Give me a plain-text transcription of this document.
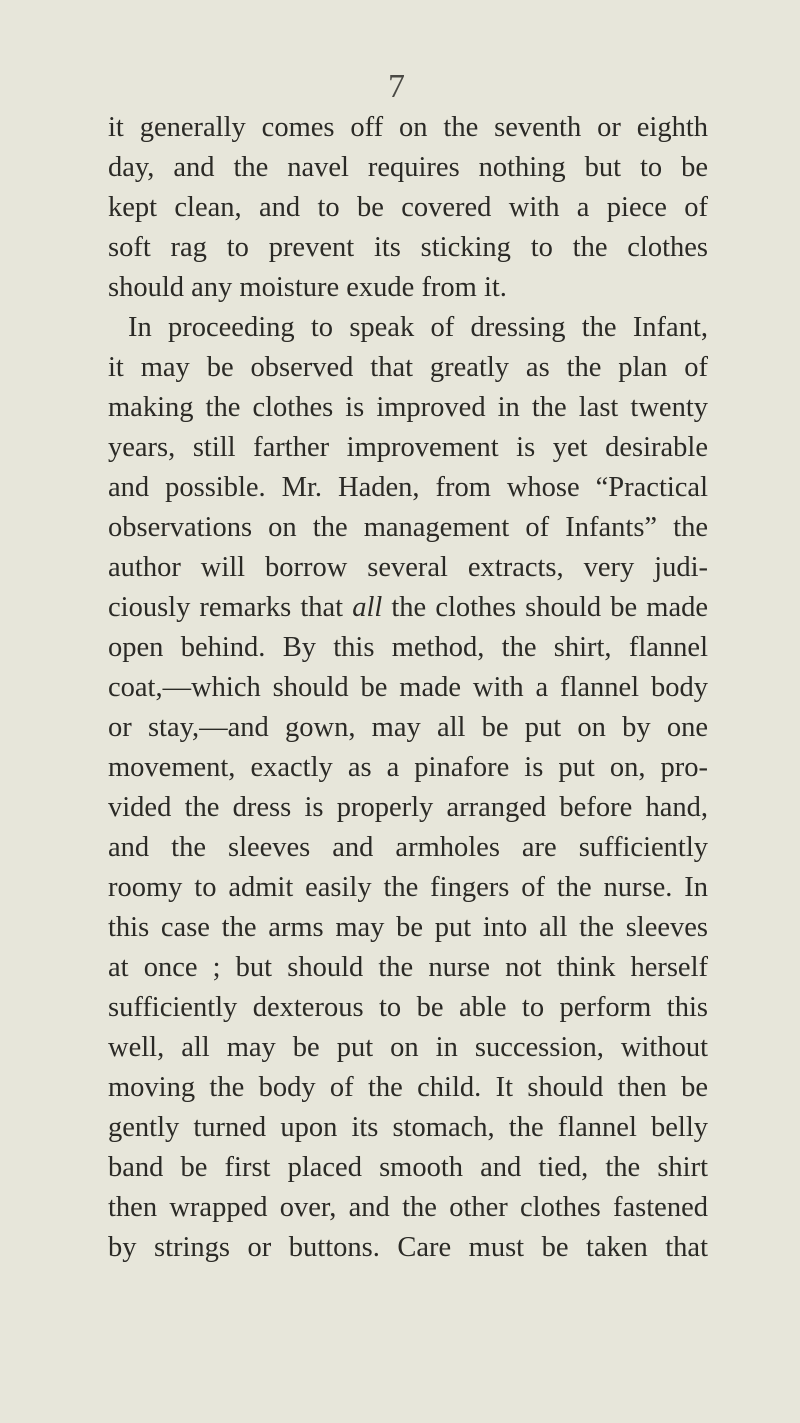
7
it generally comes off on the seventh or eighth
day, and the navel requires nothing but to be
kept clean, and to be covered with a piece of
soft rag to prevent its sticking to the clothes
should any moisture exude from it.
In proceeding to speak of dressing the Infant,
it may be observed that greatly as the plan of
making the clothes is improved in the last twenty
years, still farther improvement is yet desirable
and possible. Mr. Haden, from whose “Practical
observations on the management of Infants” the
author will borrow several extracts, very judi-
ciously remarks that all the clothes should be made
open behind. By this method, the shirt, flannel
coat,—which should be made with a flannel body
or stay,—and gown, may all be put on by one
movement, exactly as a pinafore is put on, pro-
vided the dress is properly arranged before hand,
and the sleeves and armholes are sufficiently
roomy to admit easily the fingers of the nurse. In
this case the arms may be put into all the sleeves
at once ; but should the nurse not think herself
sufficiently dexterous to be able to perform this
well, all may be put on in succession, without
moving the body of the child. It should then be
gently turned upon its stomach, the flannel belly
band be first placed smooth and tied, the shirt
then wrapped over, and the other clothes fastened
by strings or buttons. Care must be taken that
